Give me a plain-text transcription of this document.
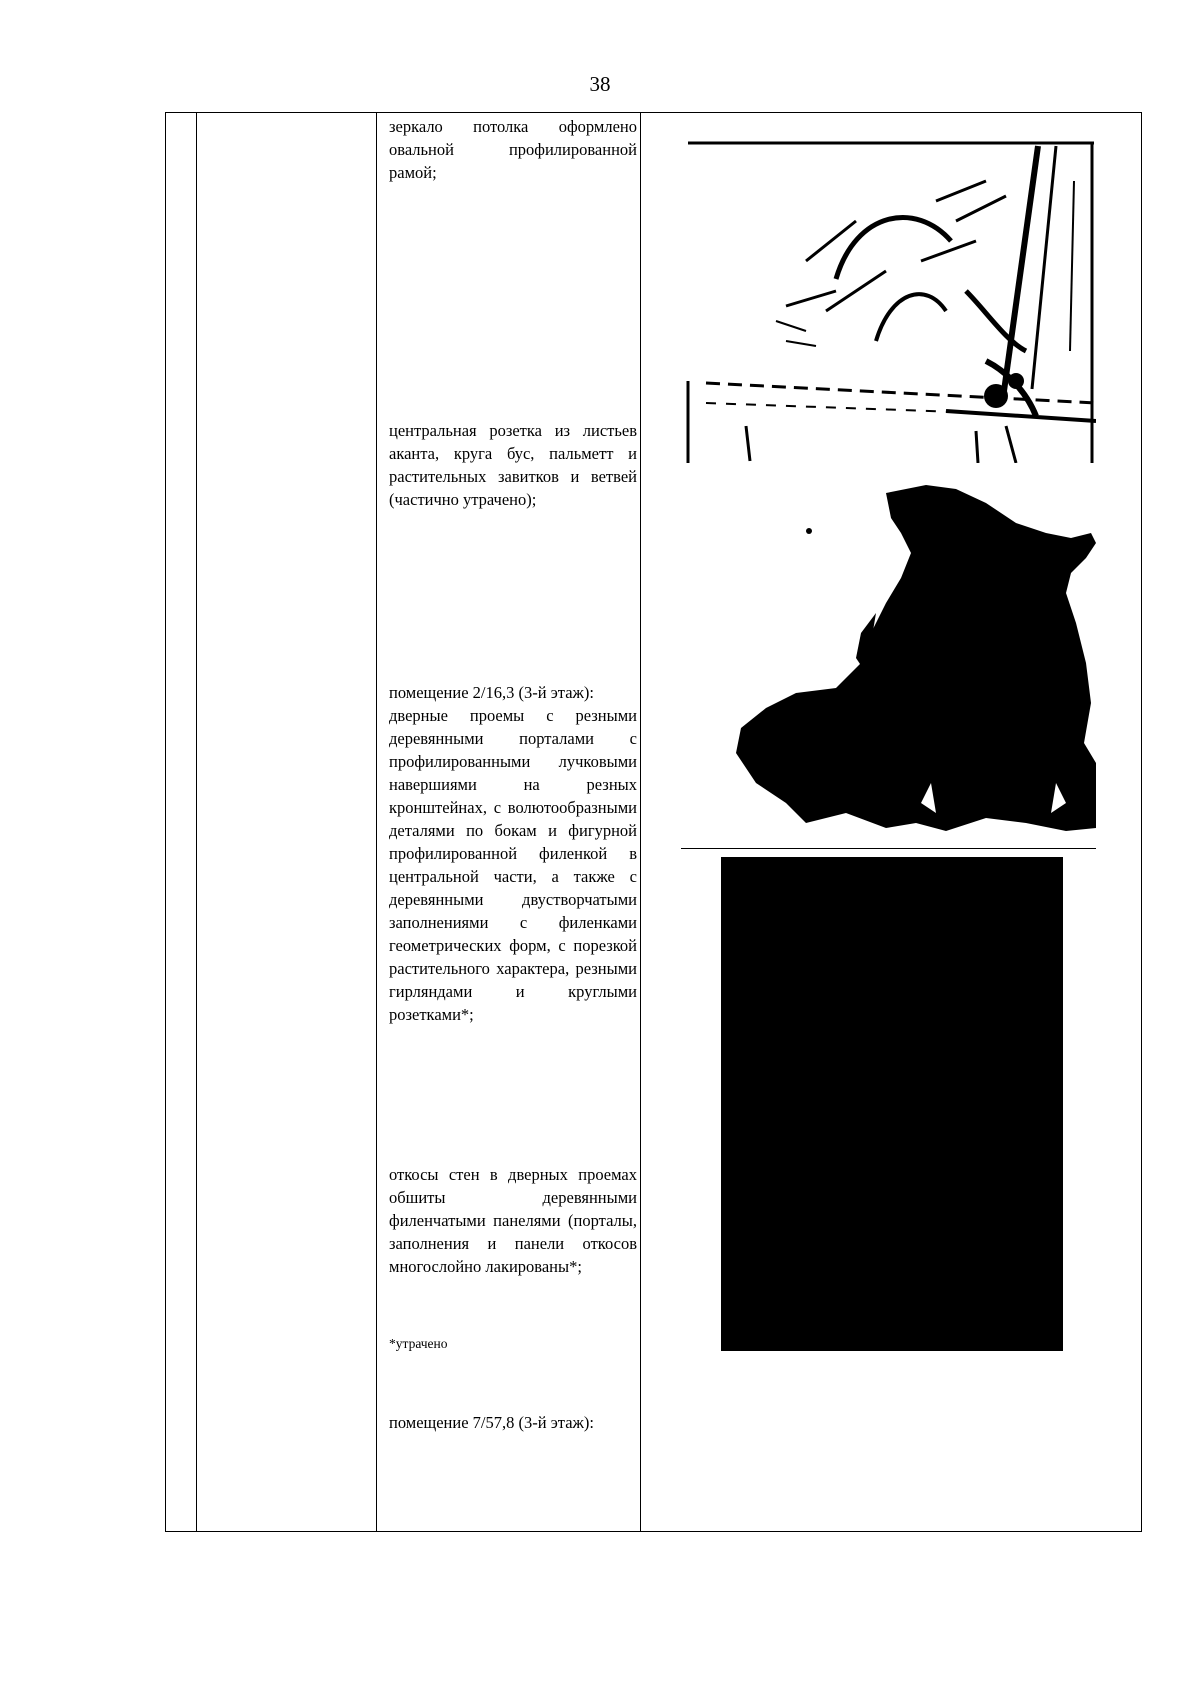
38

зеркало потолка оформлено овальной профилированной рамой;

центральная розетка из листьев аканта, круга бус, пальметт и растительных завитков и ветвей (частично утрачено);

помещение 2/16,3 (3-й этаж):
дверные проемы с резными деревянными порталами с профилированными лучковыми навершиями на резных кронштейнах, с волютообразными деталями по бокам и фигурной профилированной филенкой в центральной части, а также с деревянными двустворчатыми заполнениями с филенками геометрических форм, с порезкой растительного характера, резными гирляндами и круглыми розетками*;

откосы стен в дверных проемах обшиты деревянными филенчатыми панелями (порталы, заполнения и панели откосов многослойно лакированы*;

*утрачено

помещение 7/57,8 (3-й этаж):
